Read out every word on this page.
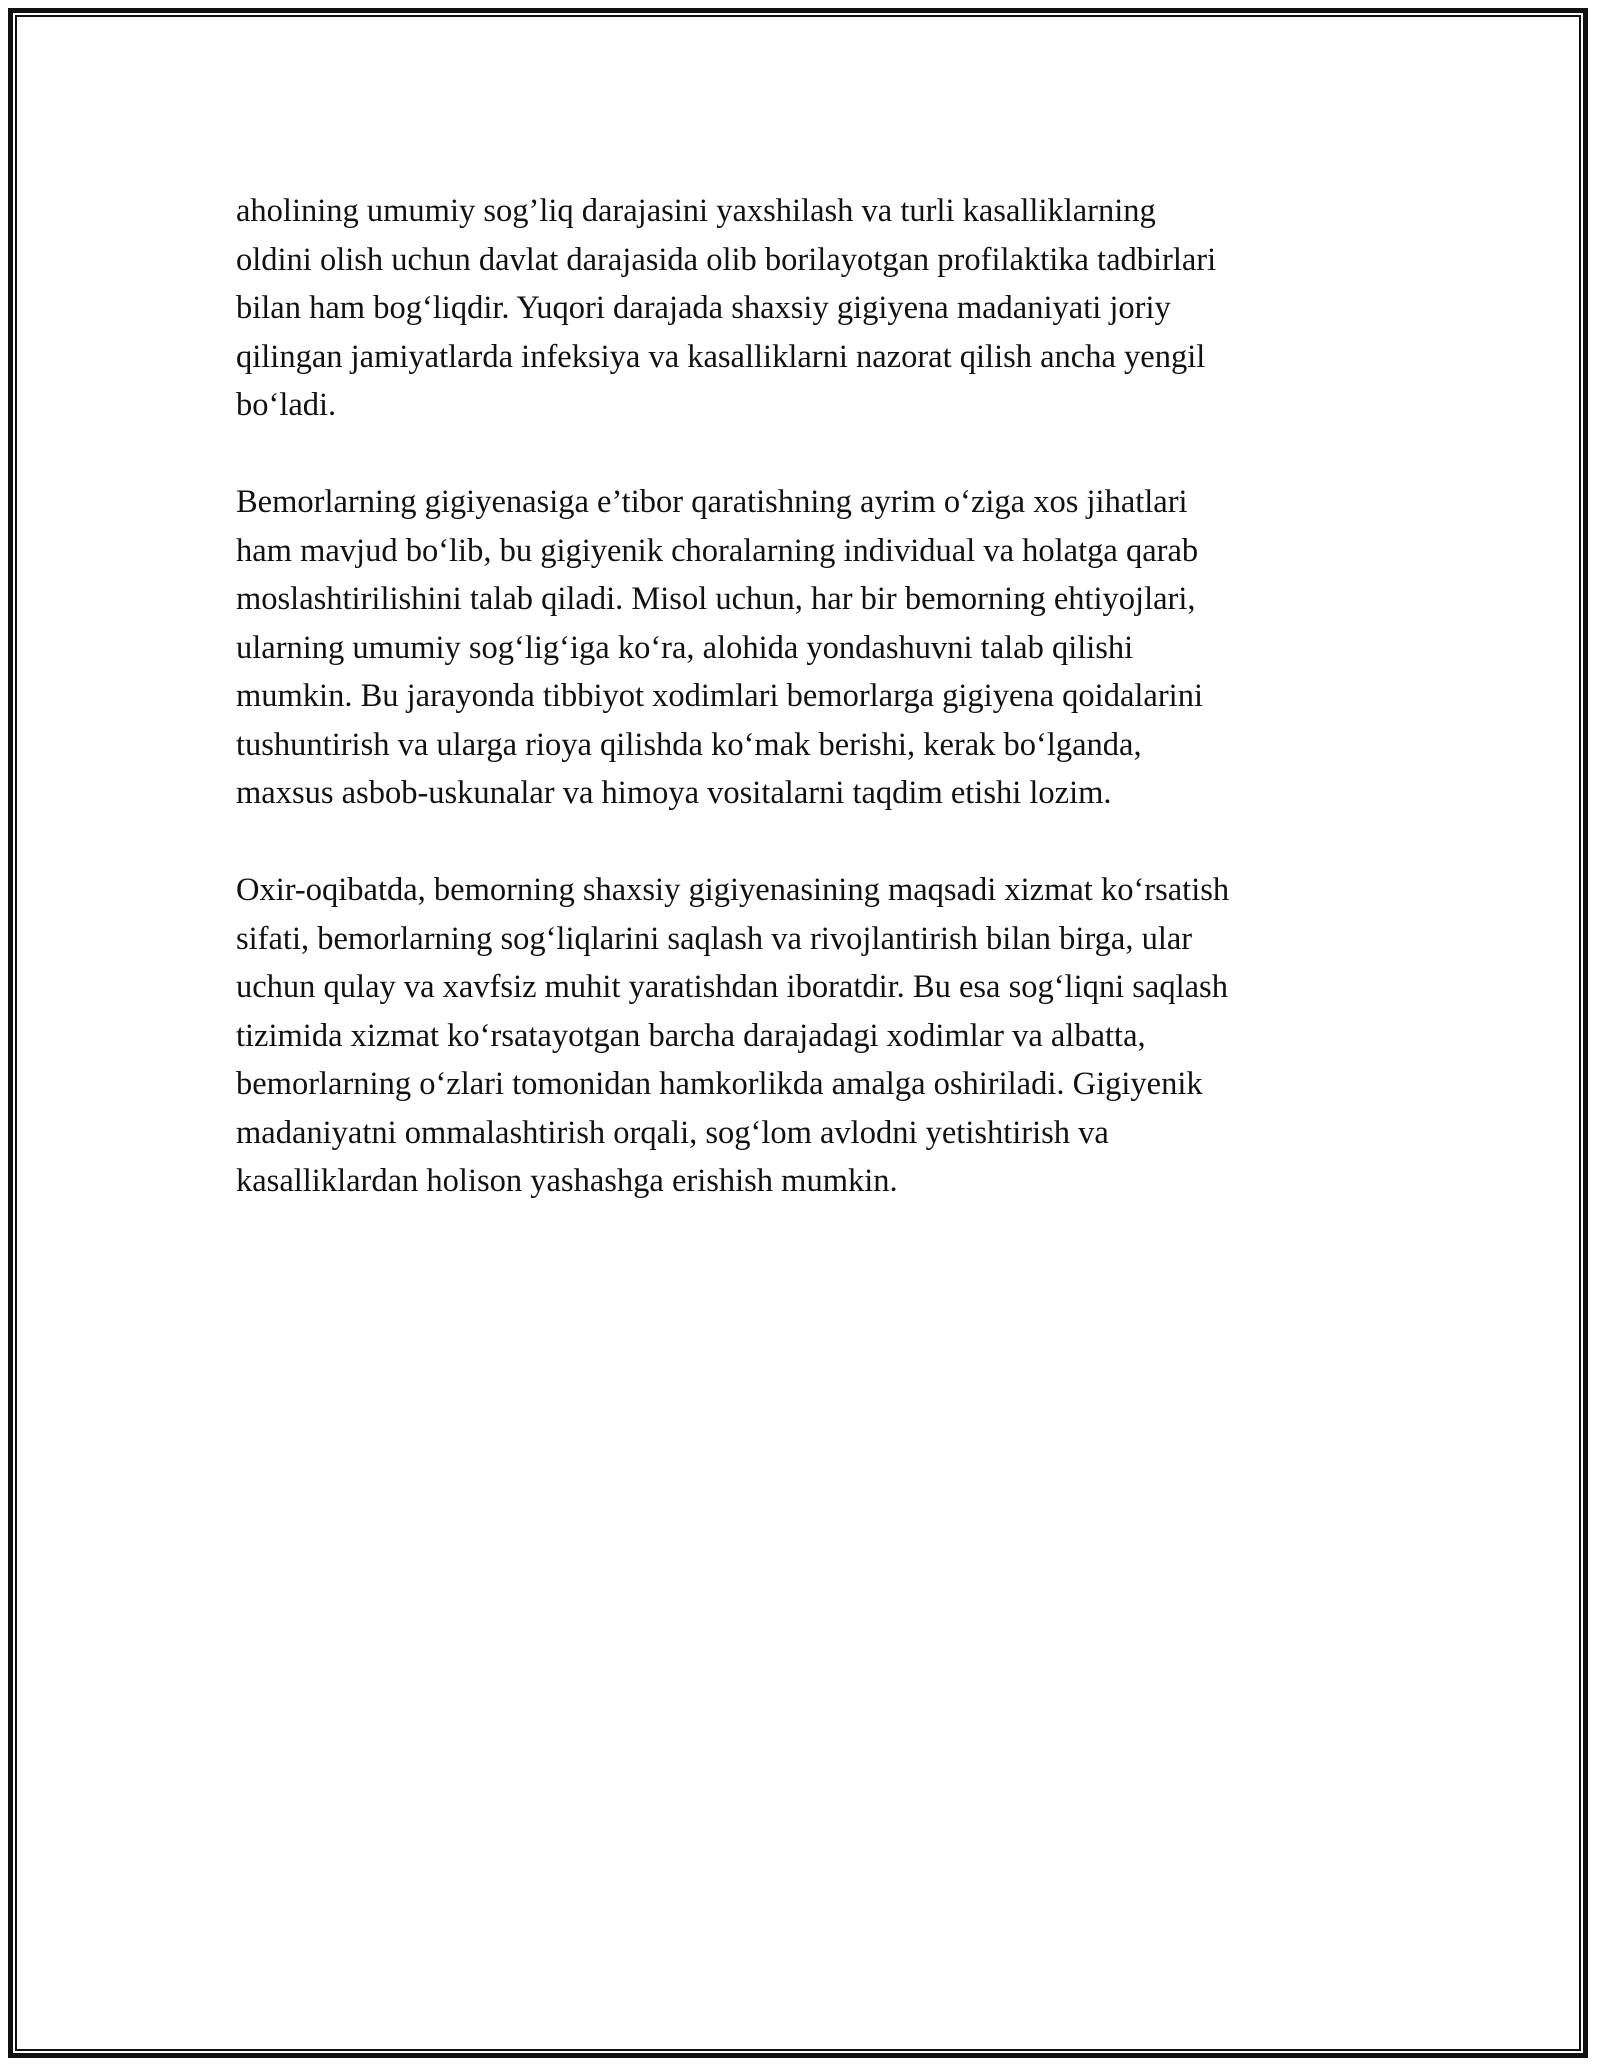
aholining umumiy sog’liq darajasini yaxshilash va turli kasalliklarning
oldini olish uchun davlat darajasida olib borilayotgan profilaktika tadbirlari
bilan ham bog‘liqdir. Yuqori darajada shaxsiy gigiyena madaniyati joriy
qilingan jamiyatlarda infeksiya va kasalliklarni nazorat qilish ancha yengil
bo‘ladi.

Bemorlarning gigiyenasiga e’tibor qaratishning ayrim o‘ziga xos jihatlari
ham mavjud bo‘lib, bu gigiyenik choralarning individual va holatga qarab
moslashtirilishini talab qiladi. Misol uchun, har bir bemorning ehtiyojlari,
ularning umumiy sog‘lig‘iga ko‘ra, alohida yondashuvni talab qilishi
mumkin. Bu jarayonda tibbiyot xodimlari bemorlarga gigiyena qoidalarini
tushuntirish va ularga rioya qilishda ko‘mak berishi, kerak bo‘lganda,
maxsus asbob-uskunalar va himoya vositalarni taqdim etishi lozim.

Oxir-oqibatda, bemorning shaxsiy gigiyenasining maqsadi xizmat ko‘rsatish
sifati, bemorlarning sog‘liqlarini saqlash va rivojlantirish bilan birga, ular
uchun qulay va xavfsiz muhit yaratishdan iboratdir. Bu esa sog‘liqni saqlash
tizimida xizmat ko‘rsatayotgan barcha darajadagi xodimlar va albatta,
bemorlarning o‘zlari tomonidan hamkorlikda amalga oshiriladi. Gigiyenik
madaniyatni ommalashtirish orqali, sog‘lom avlodni yetishtirish va
kasalliklardan holison yashashga erishish mumkin.
